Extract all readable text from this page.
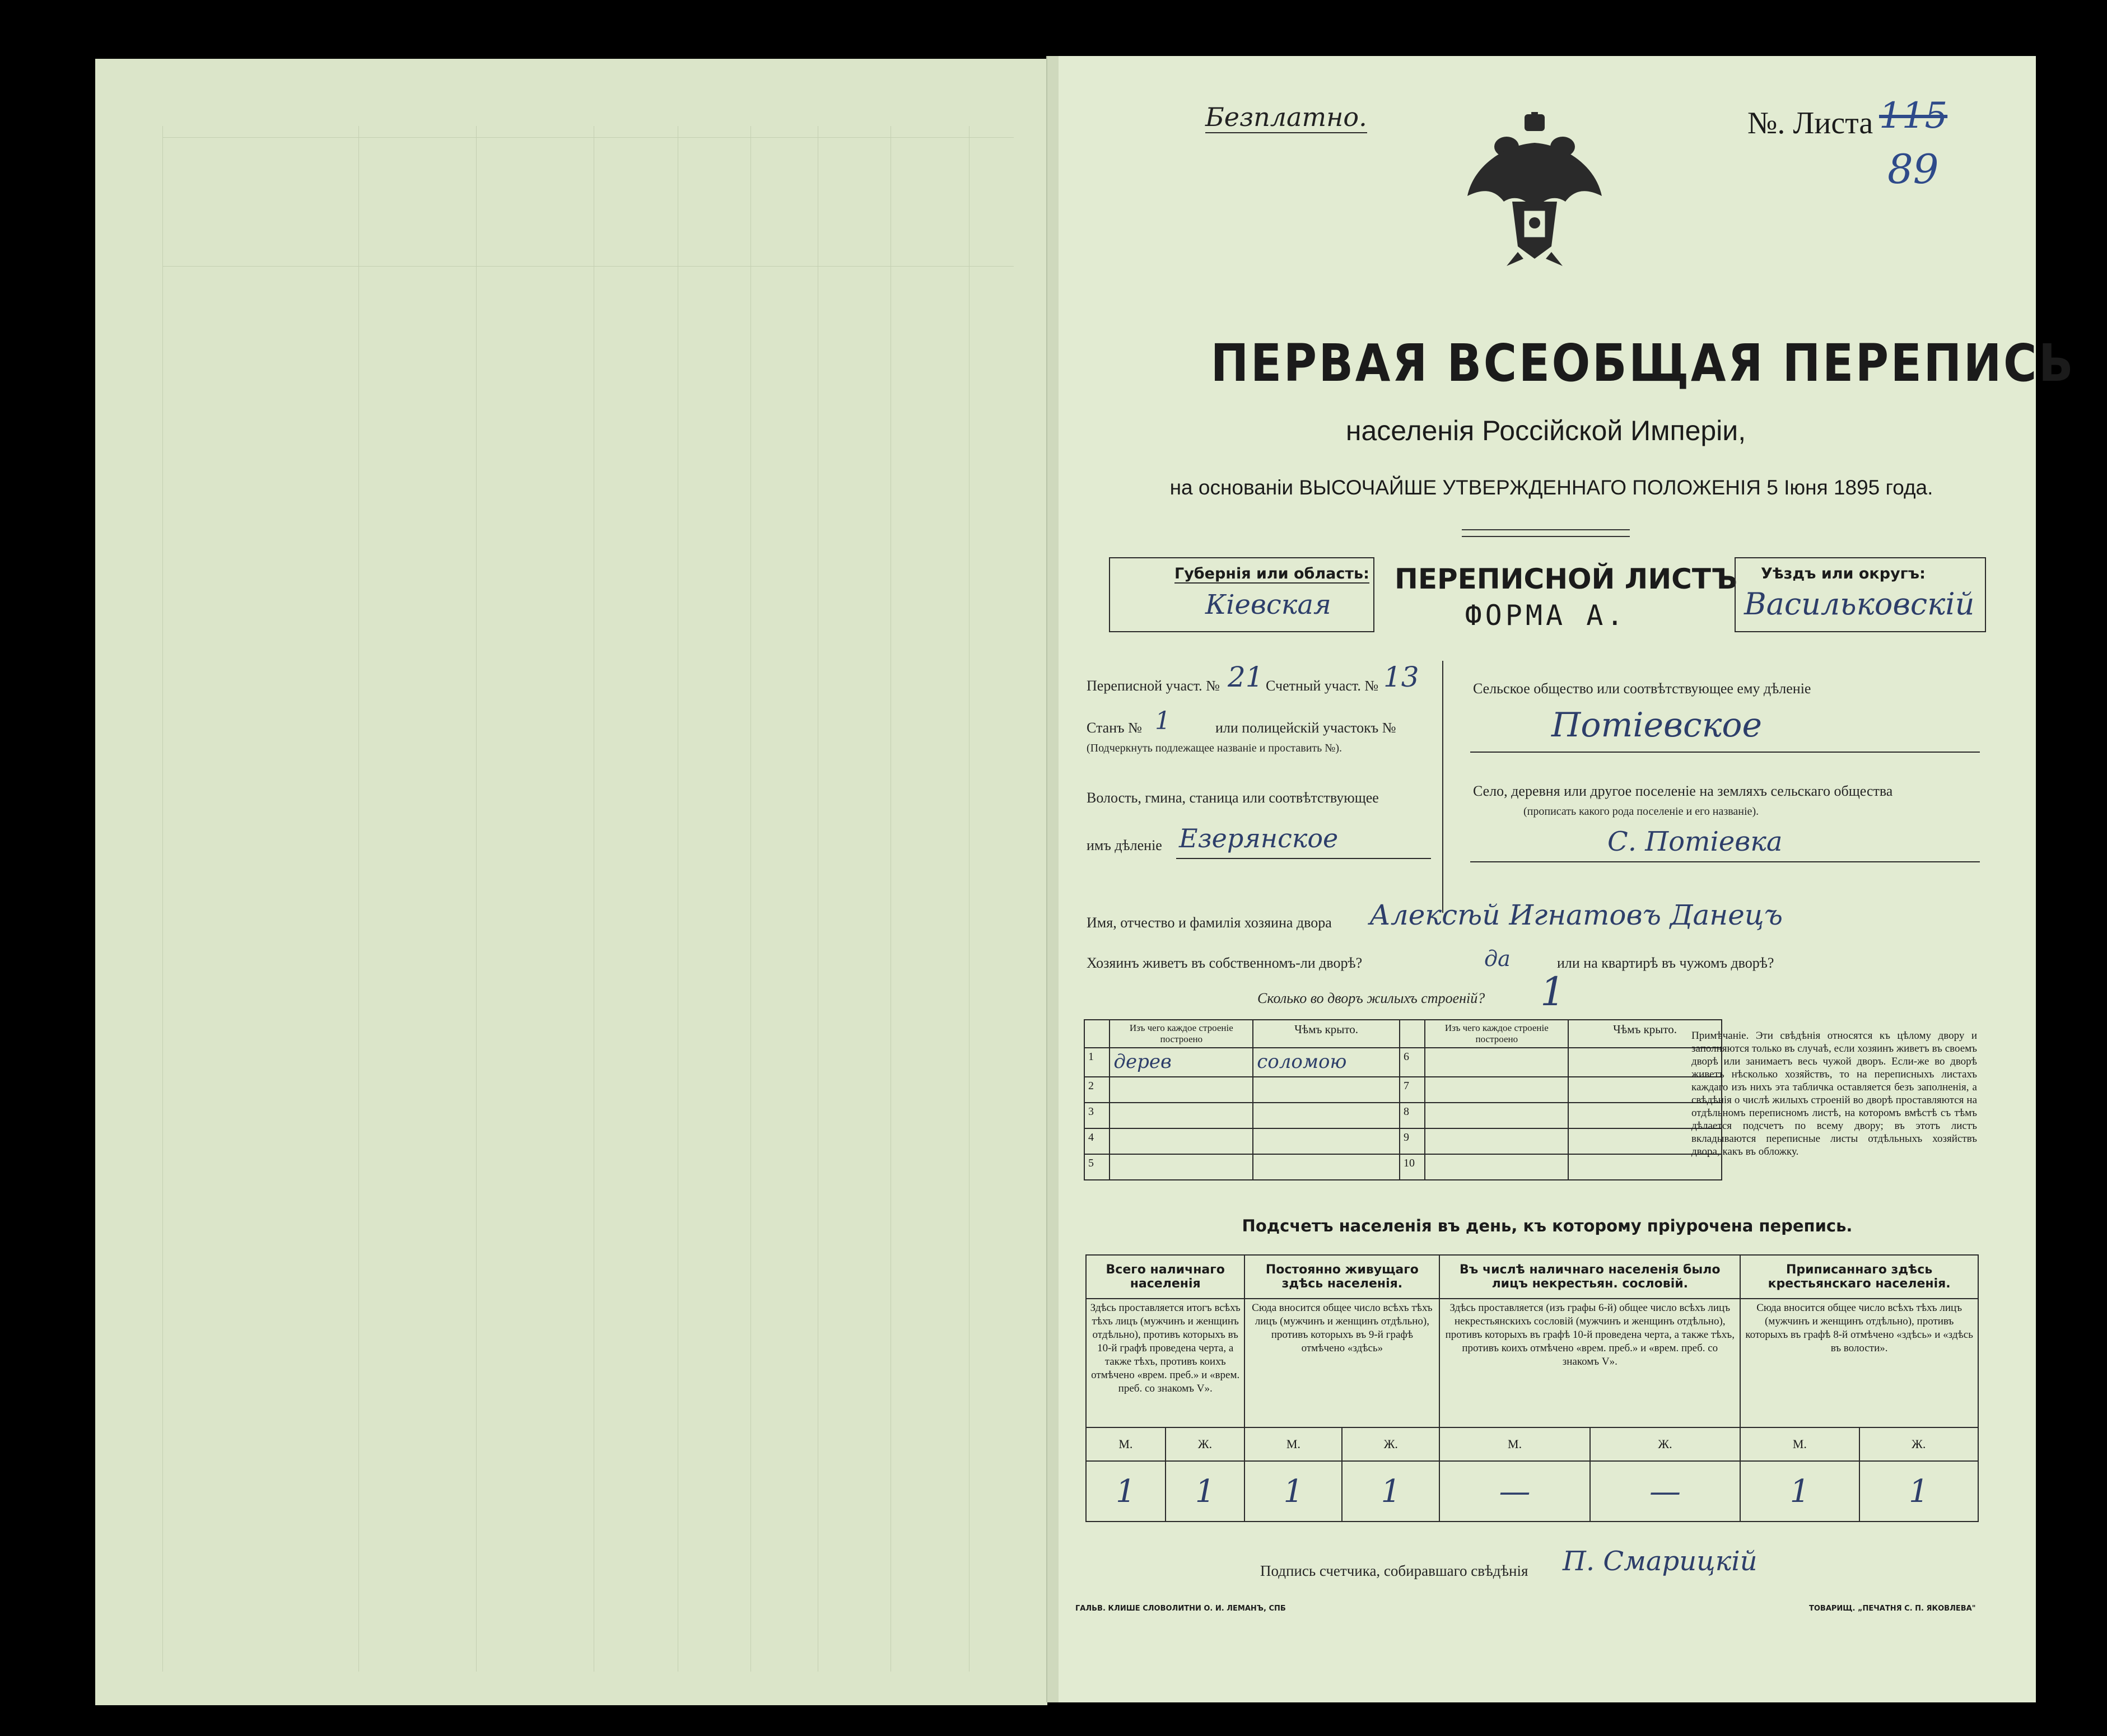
Безплатно.	№. Листа 115
89
ПЕРВАЯ ВСЕОБЩАЯ ПЕРЕПИСЬ
населенія Россійской Имперіи,
на основаніи ВЫСОЧАЙШЕ УТВЕРЖДЕННАГО ПОЛОЖЕНІЯ 5 Іюня 1895 года.
Губернія или область:
Кіевская
ПЕРЕПИСНОЙ ЛИСТЪ
ФОРМА А.
Уѣздъ или округъ:
Васильковскій
Переписной участ. № 21 Счетный участ. № 13
Станъ № 1	или полицейскій участокъ №
(Подчеркнуть подлежащее названіе и проставить №).
Волость, гмина, станица или соотвѣтствующее
имъ дѣленіе Езерянское
Сельское общество или соотвѣтствующее ему дѣленіе
Потіевское
Село, деревня или другое поселеніе на земляхъ сельскаго общества
(прописать какого рода поселеніе и его названіе).
С. Потіевка
Имя, отчество и фамилія хозяина двора Алексѣй Игнатовъ Данецъ
Хозяинъ живетъ въ собственномъ-ли дворѣ?	да	или на квартирѣ въ чужомъ дворѣ?
Сколько во дворъ жилыхъ строеній? 1
	Изъ чего каждое строеніе построено	Чѣмъ крыто.		Изъ чего каждое строеніе построено	Чѣмъ крыто.
1	дерев	соломою	6		
2			7		
3			8		
4			9		
5			10		
Примѣчаніе. Эти свѣдѣнія относятся къ цѣлому двору и заполняются только въ случаѣ, если хозяинъ живетъ въ своемъ дворѣ или занимаетъ весь чужой дворъ. Если-же во дворѣ живетъ нѣсколько хозяйствъ, то на переписныхъ листахъ каждаго изъ нихъ эта табличка оставляется безъ заполненія, а свѣдѣнія о числѣ жилыхъ строеній во дворѣ проставляются на отдѣльномъ переписномъ листѣ, на которомъ вмѣстѣ съ тѣмъ дѣлается подсчетъ по всему двору; въ этотъ листъ вкладываются переписные листы отдѣльныхъ хозяйствъ двора, какъ въ обложку.
Подсчетъ населенія въ день, къ которому пріурочена перепись.
Всего наличнаго населенія		Постоянно живущаго здѣсь населенія.		Въ числѣ наличнаго населенія было лицъ некрестьян. сословій.		Приписаннаго здѣсь крестьянскаго населенія.	
Здѣсь проставляется итогъ всѣхъ тѣхъ лицъ (мужчинъ и женщинъ отдѣльно), противъ которыхъ въ 10-й графѣ проведена черта, а также тѣхъ, противъ коихъ отмѣчено «врем. преб.» и «врем. преб. со знакомъ V».		Сюда вносится общее число всѣхъ тѣхъ лицъ (мужчинъ и женщинъ отдѣльно), противъ которыхъ въ 9-й графѣ отмѣчено «здѣсь»		Здѣсь проставляется (изъ графы 6-й) общее число всѣхъ лицъ некрестьянскихъ сословій (мужчинъ и женщинъ отдѣльно), противъ которыхъ въ графѣ 10-й проведена черта, а также тѣхъ, противъ коихъ отмѣчено «врем. преб.» и «врем. преб. со знакомъ V».		Сюда вносится общее число всѣхъ тѣхъ лицъ (мужчинъ и женщинъ отдѣльно), противъ которыхъ въ графѣ 8-й отмѣчено «здѣсь» и «здѣсь въ волости».	
М.	Ж.	М.	Ж.	М.	Ж.	М.	Ж.
1	1	1	1	—	—	1	1
Подпись счетчика, собиравшаго свѣдѣнія П. Смарицкій
ГАЛЬВ. КЛИШЕ СЛОВОЛИТНИ О. И. ЛЕМАНЪ, СПБ	ТОВАРИЩ. „ПЕЧАТНЯ С. П. ЯКОВЛЕВА"
